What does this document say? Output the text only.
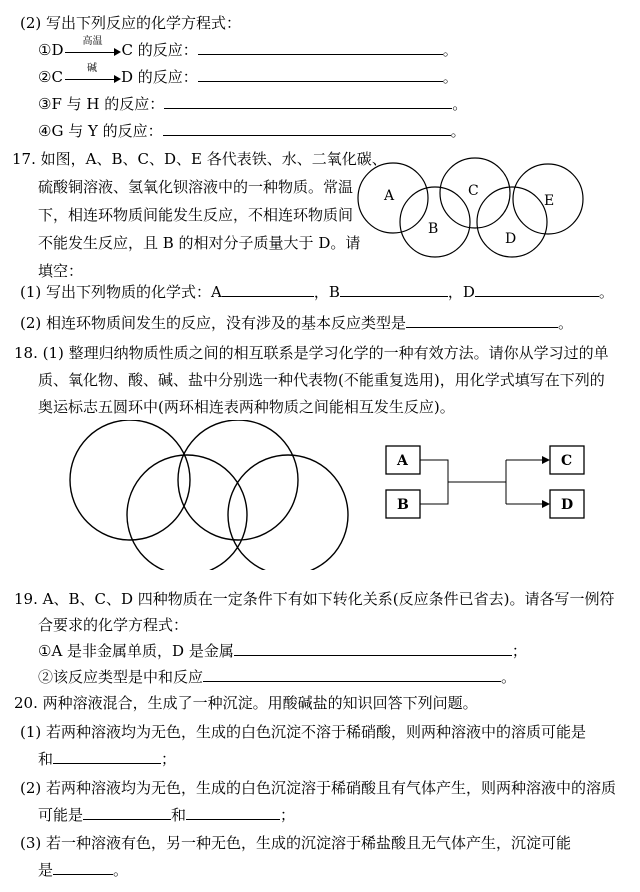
(2) 写出下列反应的化学方程式：
①D	高温	C 的反应：	。
②C	碱	D 的反应：	。
③F 与 H 的反应：	。
④G 与 Y 的反应：	。
17. 如图，A、B、C、D、E 各代表铁、水、二氧化碳、
硫酸铜溶液、氢氧化钡溶液中的一种物质。常温
下，相连环物质间能发生反应，不相连环物质间
不能发生反应，且 B 的相对分子质量大于 D。请
填空：
A
B
C
D
E
(1) 写出下列物质的化学式：A	，B	，D	。
(2) 相连环物质间发生的反应，没有涉及的基本反应类型是	。
18. (1) 整理归纳物质性质之间的相互联系是学习化学的一种有效方法。请你从学习过的单
质、氧化物、酸、碱、盐中分别选一种代表物(不能重复选用)，用化学式填写在下列的
奥运标志五圆环中(两环相连表两种物质之间能相互发生反应)。
A
B
C
D
19. A、B、C、D 四种物质在一定条件下有如下转化关系(反应条件已省去)。请各写一例符
合要求的化学方程式：
①A 是非金属单质，D 是金属	；
②该反应类型是中和反应	。
20. 两种溶液混合，生成了一种沉淀。用酸碱盐的知识回答下列问题。
(1) 若两种溶液均为无色，生成的白色沉淀不溶于稀硝酸，则两种溶液中的溶质可能是
和	；
(2) 若两种溶液均为无色，生成的白色沉淀溶于稀硝酸且有气体产生，则两种溶液中的溶质
可能是	和	；
(3) 若一种溶液有色，另一种无色，生成的沉淀溶于稀盐酸且无气体产生，沉淀可能
是	。
